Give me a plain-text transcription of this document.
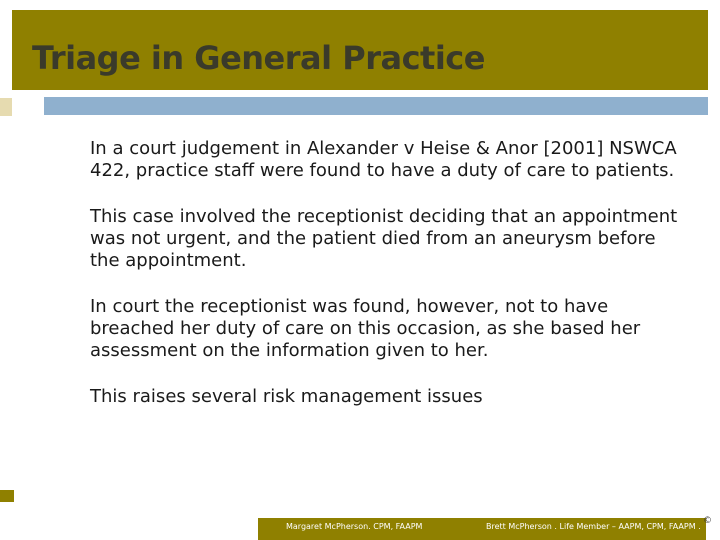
Triage in General Practice

In a court judgement in Alexander v Heise & Anor [2001] NSWCA 422, practice staff were found to have a duty of care to patients.

This case involved the receptionist deciding that an appointment was not urgent, and the patient died from an aneurysm before the appointment.

In court the receptionist was found, however, not to have breached her duty of care on this occasion, as she based her assessment on the information given to her.

This raises several risk management issues

Margaret McPherson. CPM, FAAPM	Brett McPherson . Life Member – AAPM, CPM, FAAPM .
©
